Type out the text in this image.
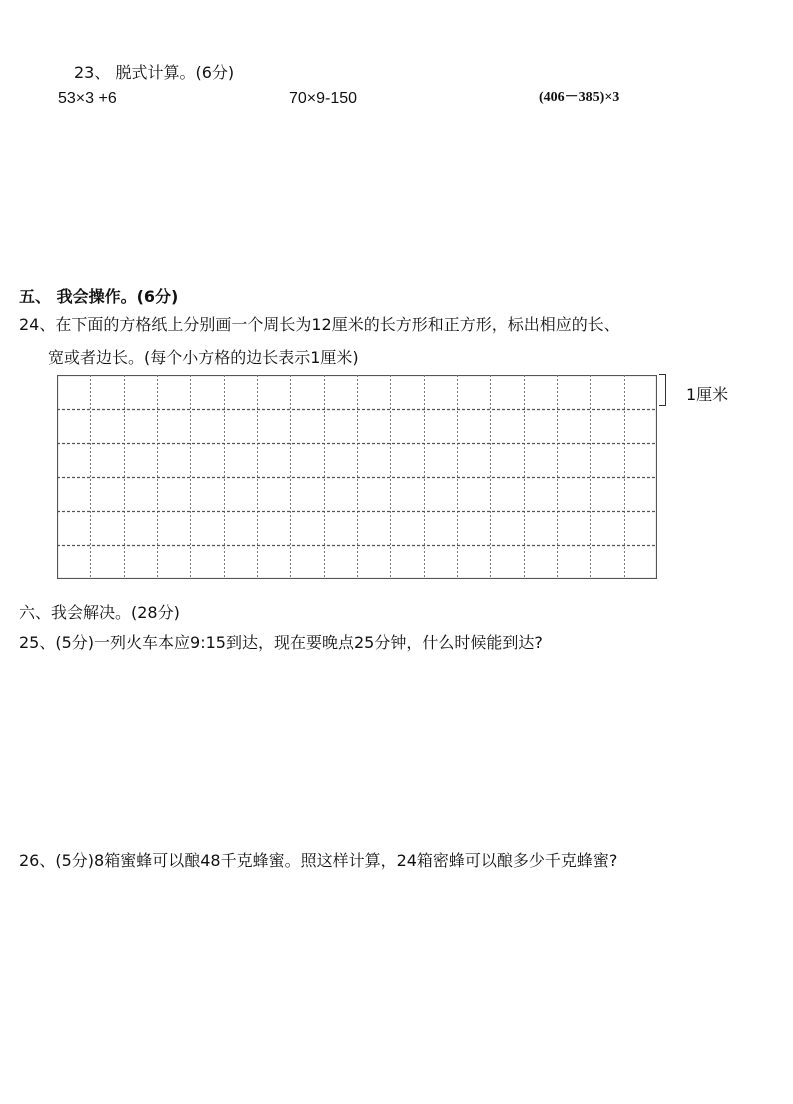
23、 脱式计算。(6分)
53×3 +6	70×9-150	(406－385)×3
五、 我会操作。(6分)
24、在下面的方格纸上分别画一个周长为12厘米的长方形和正方形，标出相应的长、
宽或者边长。(每个小方格的边长表示1厘米)
1厘米
六、我会解决。(28分)
25、(5分)一列火车本应9:15到达，现在要晚点25分钟，什么时候能到达?
26、(5分)8箱蜜蜂可以酿48千克蜂蜜。照这样计算，24箱密蜂可以酿多少千克蜂蜜?
